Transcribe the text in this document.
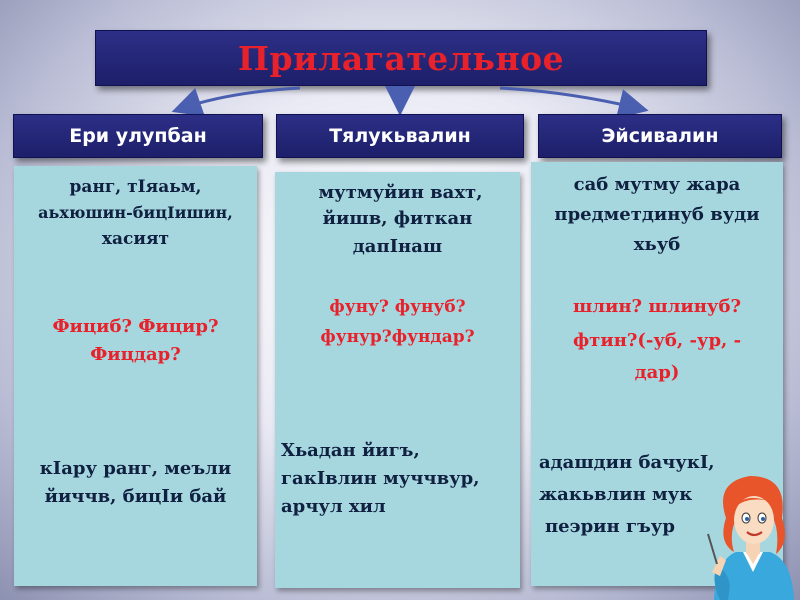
Прилагательное
Ери улупбан	Тялукьвалин	Эйсивалин
ранг, тIяаьм,
аьхюшин-бицIишин,
хасият
Фициб? Фицир?
Фицдар?
кIару ранг, меъли
йиччв, бицIи бай
мутмуйин вахт,
йишв, фиткан
дапIнаш
фуну? фунуб?
фунур?фундар?
Хьадан йигъ,
гакIвлин муччвур,
арчул хил
саб мутму жара
предметдинуб вуди
хьуб
шлин? шлинуб?
фтин?(-уб, -ур, -
дар)
адашдин бачукI,
жакьвлин мук
пеэрин гъур
